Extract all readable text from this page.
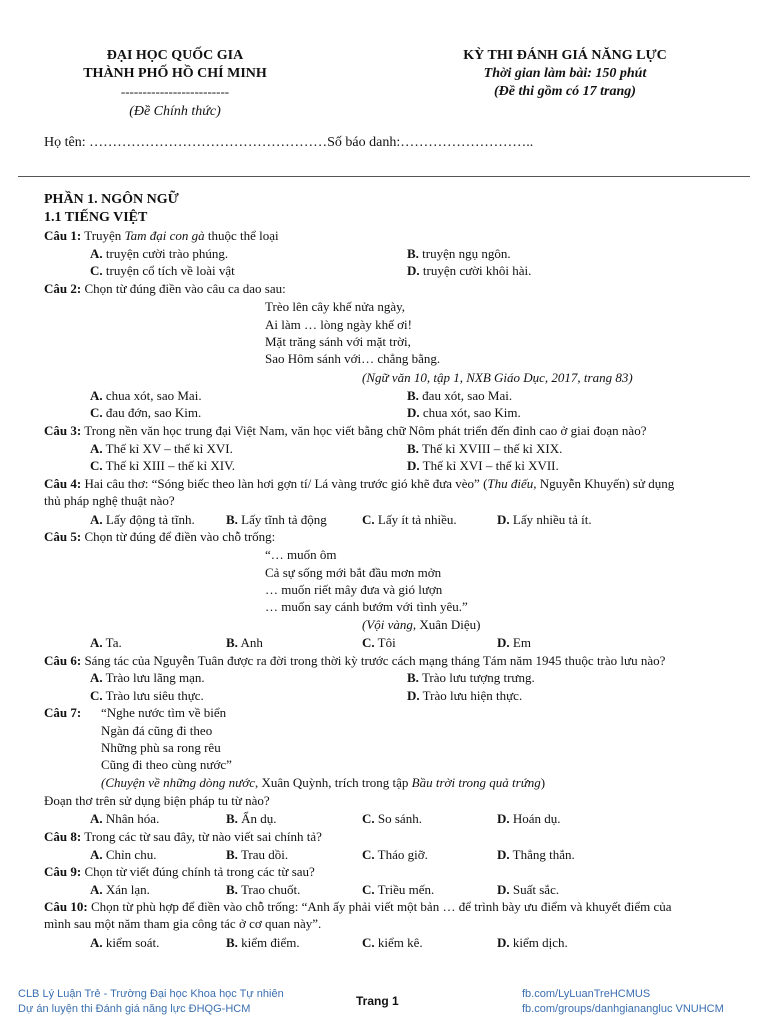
ĐẠI HỌC QUỐC GIA
THÀNH PHỐ HỒ CHÍ MINH
-------------------------
(Đề Chính thức)
KỲ THI ĐÁNH GIÁ NĂNG LỰC
Thời gian làm bài: 150 phút
(Đề thi gồm có 17 trang)
Họ tên: ……………………………………………Số báo danh:………………………..
PHẦN 1. NGÔN NGỮ
1.1 TIẾNG VIỆT
Câu 1: Truyện Tam đại con gà thuộc thể loại
A. truyện cười trào phúng.	B. truyện ngụ ngôn.
C. truyện cổ tích về loài vật	D. truyện cười khôi hài.
Câu 2: Chọn từ đúng điền vào câu ca dao sau:
Trèo lên cây khế nửa ngày,
Ai làm … lòng ngày khế ơi!
Mặt trăng sánh với mặt trời,
Sao Hôm sánh với… chẳng bằng.
(Ngữ văn 10, tập 1, NXB Giáo Dục, 2017, trang 83)
A. chua xót, sao Mai.	B. đau xót, sao Mai.
C. đau đớn, sao Kim.	D. chua xót, sao Kim.
Câu 3: Trong nền văn học trung đại Việt Nam, văn học viết bằng chữ Nôm phát triển đến đỉnh cao ở giai đoạn nào?
A. Thế kỉ XV – thế kỉ XVI.	B. Thế kỉ XVIII – thế kỉ XIX.
C. Thế kỉ XIII – thế kỉ XIV.	D. Thế kỉ XVI – thế kỉ XVII.
Câu 4: Hai câu thơ: “Sóng biếc theo làn hơi gợn tí/ Lá vàng trước gió khẽ đưa vèo” (Thu điếu, Nguyễn Khuyến) sử dụng
thủ pháp nghệ thuật nào?
A. Lấy động tả tĩnh. B. Lấy tĩnh tả động	C. Lấy ít tả nhiều.	D. Lấy nhiều tả ít.
Câu 5: Chọn từ đúng để điền vào chỗ trống:
“… muốn ôm
Cả sự sống mới bắt đầu mơn mởn
… muốn riết mây đưa và gió lượn
… muốn say cánh bướm với tình yêu.”
(Vội vàng, Xuân Diệu)
A. Ta.	B. Anh	C. Tôi	D. Em
Câu 6: Sáng tác của Nguyễn Tuân được ra đời trong thời kỳ trước cách mạng tháng Tám năm 1945 thuộc trào lưu nào?
A. Trào lưu lãng mạn.	B. Trào lưu tượng trưng.
C. Trào lưu siêu thực.	D. Trào lưu hiện thực.
Câu 7: “Nghe nước tìm về biển
Ngàn đá cũng đi theo
Những phù sa rong rêu
Cũng đi theo cùng nước”
(Chuyện về những dòng nước, Xuân Quỳnh, trích trong tập Bầu trời trong quả trứng)
Đoạn thơ trên sử dụng biện pháp tu từ nào?
A. Nhân hóa.	B. Ẩn dụ.	C. So sánh.	D. Hoán dụ.
Câu 8: Trong các từ sau đây, từ nào viết sai chính tả?
A. Chỉn chu.	B. Trau dồi.	C. Tháo giỡ.	D. Thẳng thắn.
Câu 9: Chọn từ viết đúng chính tả trong các từ sau?
A. Xán lạn.	B. Trao chuốt.	C. Triều mến.	D. Suất sắc.
Câu 10: Chọn từ phù hợp để điền vào chỗ trống: “Anh ấy phải viết một bản … để trình bày ưu điểm và khuyết điểm của
mình sau một năm tham gia công tác ở cơ quan này”.
A. kiểm soát.	B. kiểm điểm.	C. kiểm kê.	D. kiểm dịch.
CLB Lý Luận Trẻ - Trường Đại học Khoa học Tự nhiên
Dự án luyện thi Đánh giá năng lực ĐHQG-HCM
Trang 1	fb.com/LyLuanTreHCMUS
fb.com/groups/danhgianangluc VNUHCM
